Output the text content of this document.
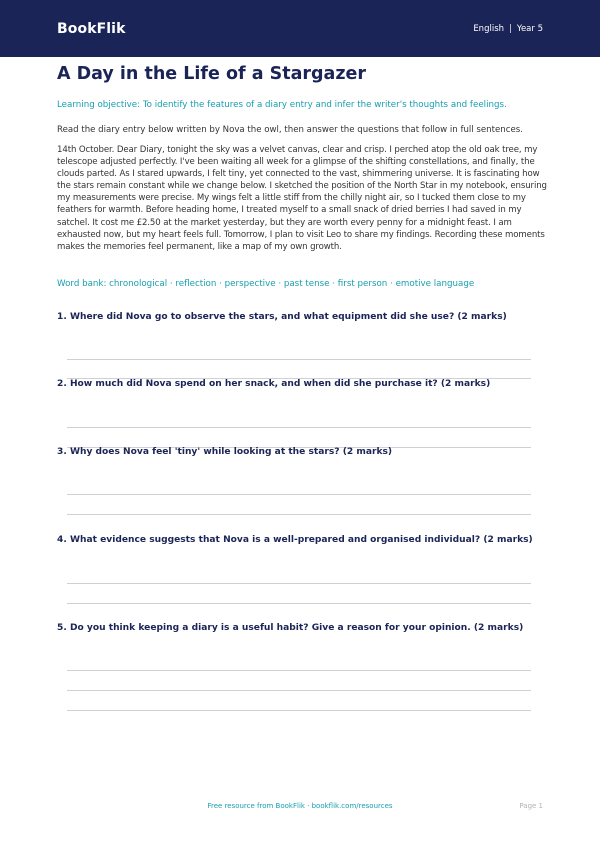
BookFlik	English | Year 5
A Day in the Life of a Stargazer
Learning objective: To identify the features of a diary entry and infer the writer's thoughts and feelings.
Read the diary entry below written by Nova the owl, then answer the questions that follow in full sentences.
14th October. Dear Diary, tonight the sky was a velvet canvas, clear and crisp. I perched atop the old oak tree, my telescope adjusted perfectly. I've been waiting all week for a glimpse of the shifting constellations, and finally, the clouds parted. As I stared upwards, I felt tiny, yet connected to the vast, shimmering universe. It is fascinating how the stars remain constant while we change below. I sketched the position of the North Star in my notebook, ensuring my measurements were precise. My wings felt a little stiff from the chilly night air, so I tucked them close to my feathers for warmth. Before heading home, I treated myself to a small snack of dried berries I had saved in my satchel. It cost me £2.50 at the market yesterday, but they are worth every penny for a midnight feast. I am exhausted now, but my heart feels full. Tomorrow, I plan to visit Leo to share my findings. Recording these moments makes the memories feel permanent, like a map of my own growth.
Word bank: chronological · reflection · perspective · past tense · first person · emotive language
1. Where did Nova go to observe the stars, and what equipment did she use? (2 marks)
2. How much did Nova spend on her snack, and when did she purchase it? (2 marks)
3. Why does Nova feel 'tiny' while looking at the stars? (2 marks)
4. What evidence suggests that Nova is a well-prepared and organised individual? (2 marks)
5. Do you think keeping a diary is a useful habit? Give a reason for your opinion. (2 marks)
Free resource from BookFlik · bookflik.com/resources	Page 1
